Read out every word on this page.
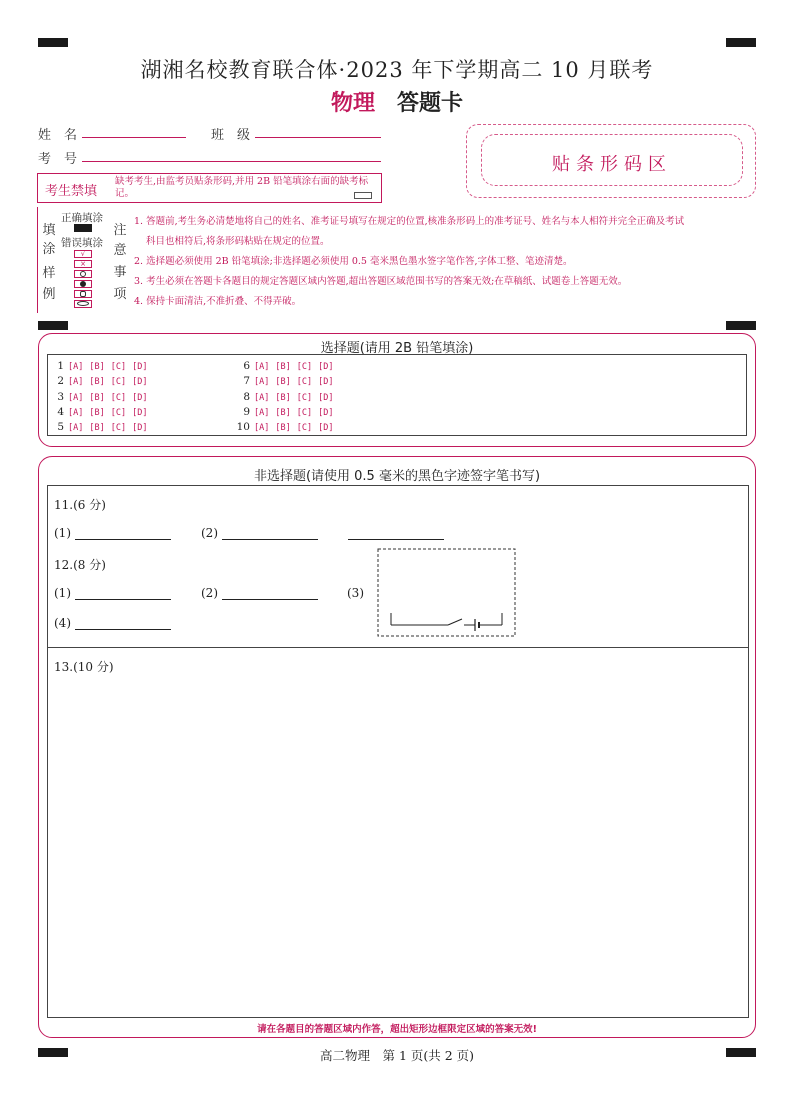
湖湘名校教育联合体·2023 年下学期高二 10 月联考
物理 答题卡
姓　名	班　级
考　号	贴条形码区
考生禁填
缺考考生,由监考员贴条形码,并用 2B 铅笔填涂右面的缺考标记。
填
涂
样
例
正确填涂
错误填涂
√
×
注
意
事
项
1. 答题前,考生务必清楚地将自己的姓名、准考证号填写在规定的位置,核准条形码上的准考证号、姓名与本人相符并完全正确及考试
科目也相符后,将条形码粘贴在规定的位置。
2. 选择题必须使用 2B 铅笔填涂;非选择题必须使用 0.5 毫米黑色墨水签字笔作答,字体工整、笔迹清楚。
3. 考生必须在答题卡各题目的规定答题区域内答题,超出答题区域范围书写的答案无效;在草稿纸、试题卷上答题无效。
4. 保持卡面清洁,不准折叠、不得弄破。
选择题(请用 2B 铅笔填涂)
1 [A] [B] [C] [D]
2 [A] [B] [C] [D]
3 [A] [B] [C] [D]
4 [A] [B] [C] [D]
5 [A] [B] [C] [D]
6 [A] [B] [C] [D]
7 [A] [B] [C] [D]
8 [A] [B] [C] [D]
9 [A] [B] [C] [D]
10 [A] [B] [C] [D]
非选择题(请使用 0.5 毫米的黑色字迹签字笔书写)
11.(6 分)
(1)	(2)
12.(8 分)
(1)	(2)	(3)
(4)
13.(10 分)
请在各题目的答题区域内作答，超出矩形边框限定区域的答案无效!
高二物理　第 1 页(共 2 页)
